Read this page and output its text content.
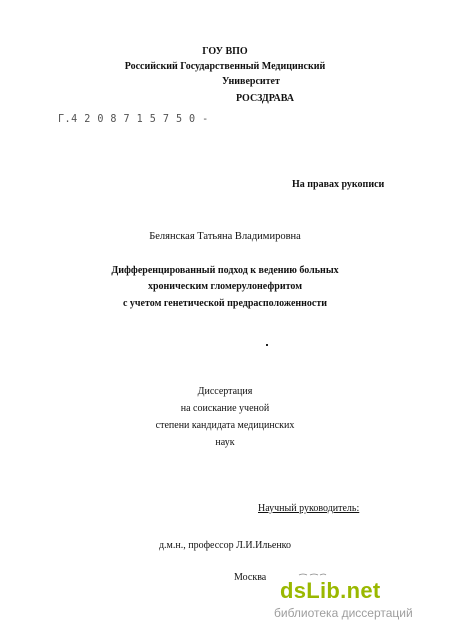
ГОУ ВПО
Российский Государственный Медицинский
Университет
РОСЗДРАВА
Г.4 2 0 8 7 1 5 7 5 0 -
На правах рукописи
Белянская Татьяна Владимировна
Дифференцированный подход к ведению больных
хроническим гломерулонефритом
с учетом генетической предрасположенности
Диссертация
на соискание ученой
степени кандидата медицинских
наук
Научный руководитель:
д.м.н., профессор Л.И.Ильенко
Москва
dsLib.net
библиотека диссертаций
